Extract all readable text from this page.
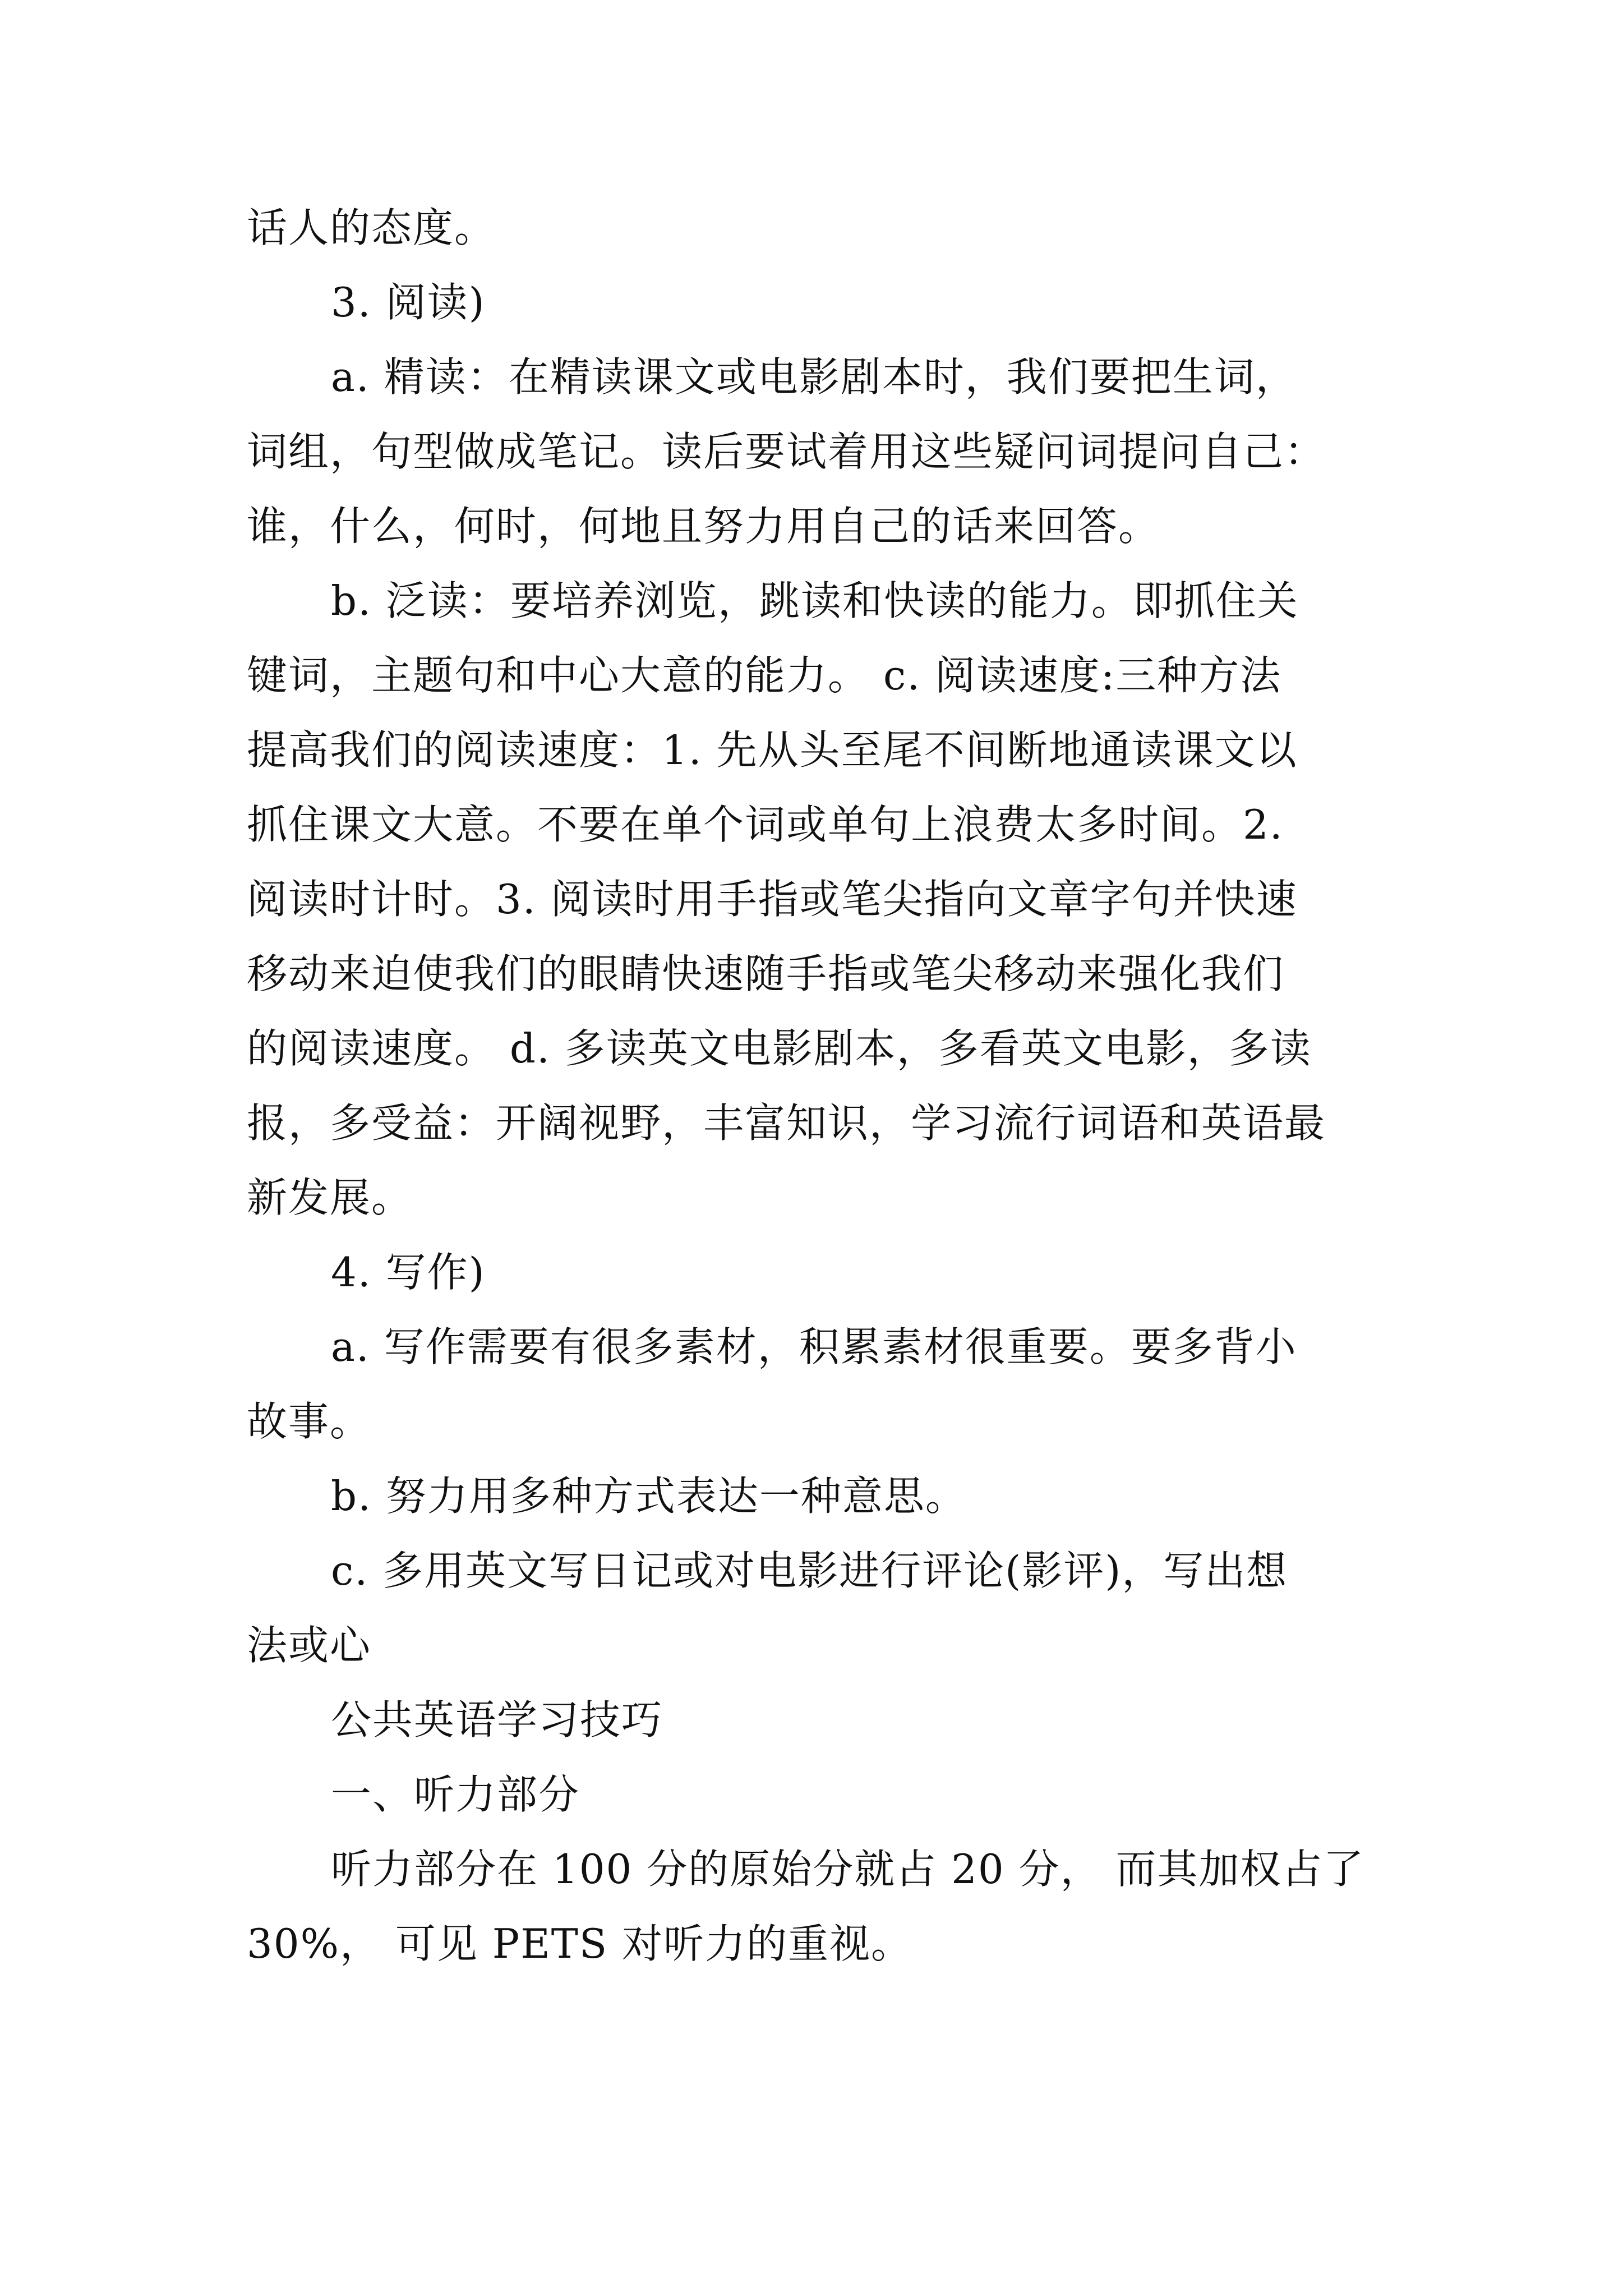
话人的态度。
3. 阅读)
a. 精读：在精读课文或电影剧本时，我们要把生词，
词组，句型做成笔记。读后要试着用这些疑问词提问自己：
谁，什么，何时，何地且努力用自己的话来回答。
b. 泛读：要培养浏览，跳读和快读的能力。即抓住关
键词，主题句和中心大意的能力。 c. 阅读速度:三种方法
提高我们的阅读速度：1. 先从头至尾不间断地通读课文以
抓住课文大意。不要在单个词或单句上浪费太多时间。2.
阅读时计时。3. 阅读时用手指或笔尖指向文章字句并快速
移动来迫使我们的眼睛快速随手指或笔尖移动来强化我们
的阅读速度。 d. 多读英文电影剧本，多看英文电影，多读
报，多受益：开阔视野，丰富知识，学习流行词语和英语最
新发展。
4. 写作)
a. 写作需要有很多素材，积累素材很重要。要多背小
故事。
b. 努力用多种方式表达一种意思。
c. 多用英文写日记或对电影进行评论(影评)，写出想
法或心
公共英语学习技巧
一、听力部分
听力部分在 100 分的原始分就占 20 分， 而其加权占了
30%， 可见 PETS 对听力的重视。
